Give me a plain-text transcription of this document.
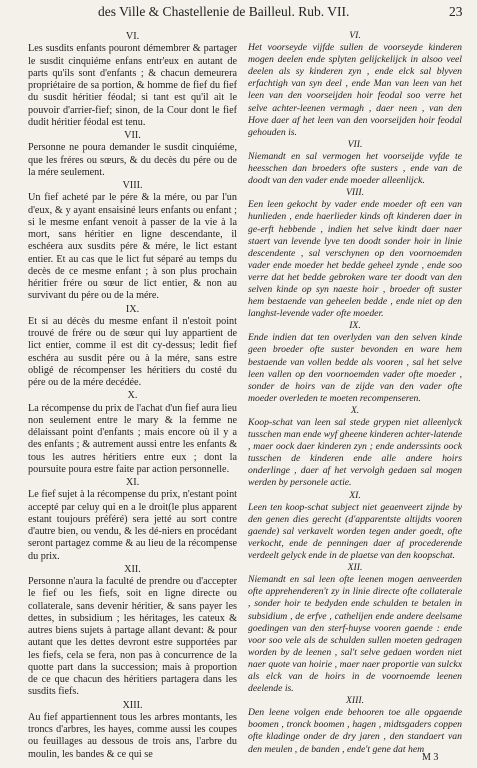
des Ville & Chastellenie de Bailleul. Rub. VII.	23

VI.

Les susdits enfants pouront démembrer & partager le susdit cinquiéme enfans entr'eux en autant de parts qu'ils sont d'enfants ; & chacun demeurera propriétaire de sa portion, & homme de fief du fief du susdit héritier féodal; si tant est qu'il ait le pouvoir d'arrier-fief; sinon, de la Cour dont le fief dudit héritier féodal est tenu.

VII.

Personne ne poura demander le susdit cinquiéme, que les fréres ou sœurs, & du decès du pére ou de la mére seulement.

VIII.

Un fief acheté par le pére & la mére, ou par l'un d'eux, & y ayant ensaisiné leurs enfants ou enfant ; si le mesme enfant venoit à passer de la vie à la mort, sans héritier en ligne descendante, il eschéera aux susdits pére & mére, le lict estant entier. Et au cas que le lict fut séparé au temps du decès de ce mesme enfant ; à son plus prochain héritier frére ou sœur de lict entier, & non au survivant du pére ou de la mére.

IX.

Et si au décès du mesme enfant il n'estoit point trouvé de frére ou de sœur qui luy appartient de lict entier, comme il est dit cy-dessus; ledit fief eschéra au susdit pére ou à la mére, sans estre obligé de récompenser les héritiers du costé du pére ou de la mére decédée.

X.

La récompense du prix de l'achat d'un fief aura lieu non seulement entre le mary & la femme ne délaissant point d'enfants ; mais encore où il y a des enfants ; & autrement aussi entre les enfants & tous les autres héritiers entre eux ; dont la poursuite poura estre faite par action personnelle.

XI.

Le fief sujet à la récompense du prix, n'estant point accepté par celuy qui en a le droit(le plus apparent estant toujours préféré) sera jetté au sort contre d'autre bien, ou vendu, & les dé-niers en procédant seront partagez comme & au lieu de la récompense du prix.

XII.

Personne n'aura la faculté de prendre ou d'accepter le fief ou les fiefs, soit en ligne directe ou collaterale, sans devenir héritier, & sans payer les dettes, in subsidium ; les héritages, les cateux & autres biens sujets à partage allant devant: & pour autant que les dettes devront estre supportées par les fiefs, cela se fera, non pas à concurrence de la quotte part dans la succession; mais à proportion de ce que chacun des héritiers partagera dans les susdits fiefs.

XIII.

Au fief appartiennent tous les arbres montants, les troncs d'arbres, les hayes, comme aussi les coupes ou feuillages au dessous de trois ans, l'arbre du moulin, les bandes & ce qui se

VI.

Het voorseyde vijfde sullen de voorseyde kinderen mogen deelen ende splyten gelijckelijck in alsoo veel deelen als sy kinderen zyn , ende elck sal blyven erfachtigh van syn deel , ende Man van leen van het leen van den voorseijden hoir feodal soo verre het selve achter-leenen vermagh , daer neen , van den Hove daer af het leen van den voorseijden hoir feodal gehouden is.

VII.

Niemandt en sal vermogen het voorseijde vyfde te heesschen dan broeders ofte susters , ende van de doodt van den vader ende moeder alleenlijck.

VIII.

Een leen gekocht by vader ende moeder oft een van hunlieden , ende haerlieder kinds oft kinderen daer in ge-erft hebbende , indien het selve kindt daer naer staert van levende lyve ten doodt sonder hoir in linie descendente , sal verschynen op den voornoemden vader ende moeder het bedde geheel zynde , ende soo verre dat het bedde gebroken ware ter doodt van den selven kinde op syn naeste hoir , broeder oft suster hem bestaende van geheelen bedde , ende niet op den langhst-levende vader ofte moeder.

IX.

Ende indien dat ten overlyden van den selven kinde geen broeder ofte suster bevonden en ware hem bestaende van vollen bedde als vooren , sal het selve leen vallen op den voornoemden vader ofte moeder , sonder de hoirs van de zijde van den vader ofte moeder overleden te moeten recompenseren.

X.

Koop-schat van leen sal stede grypen niet alleenlyck tusschen man ende wyf gheene kinderen achter-latende , maer oock daer kinderen zyn ; ende anderssints oock tusschen de kinderen ende alle andere hoirs onderlinge , daer af het vervolgh gedaen sal mogen werden by personele actie.

XI.

Leen ten koop-schat subject niet geaenveert zijnde by den genen dies gerecht (d'apparentste altijdts vooren gaende) sal verkavelt worden tegen ander goedt, ofte verkocht, ende de penningen daer af procederende verdeelt gelyck ende in de plaetse van den koopschat.

XII.

Niemandt en sal leen ofte leenen mogen aenveerden ofte apprehenderen't zy in linie directe ofte collaterale , sonder hoir te bedyden ende schulden te betalen in subsidium , de erfve , cathelijen ende andere deelsame goedingen van den sterf-huyse vooren gaende : ende voor soo vele als de schulden sullen moeten gedragen worden by de leenen , sal't selve gedaen worden niet naer quote van hoirie , maer naer proportie van sulckx als elck van de hoirs in de voornoemde leenen deelende is.

XIII.

Den leene volgen ende behooren toe alle opgaende boomen , tronck boomen , hagen , midtsgaders coppen ofte kladinge onder de dry jaren , den standaert van den meulen , de banden , ende't gene dat hem

M 3
